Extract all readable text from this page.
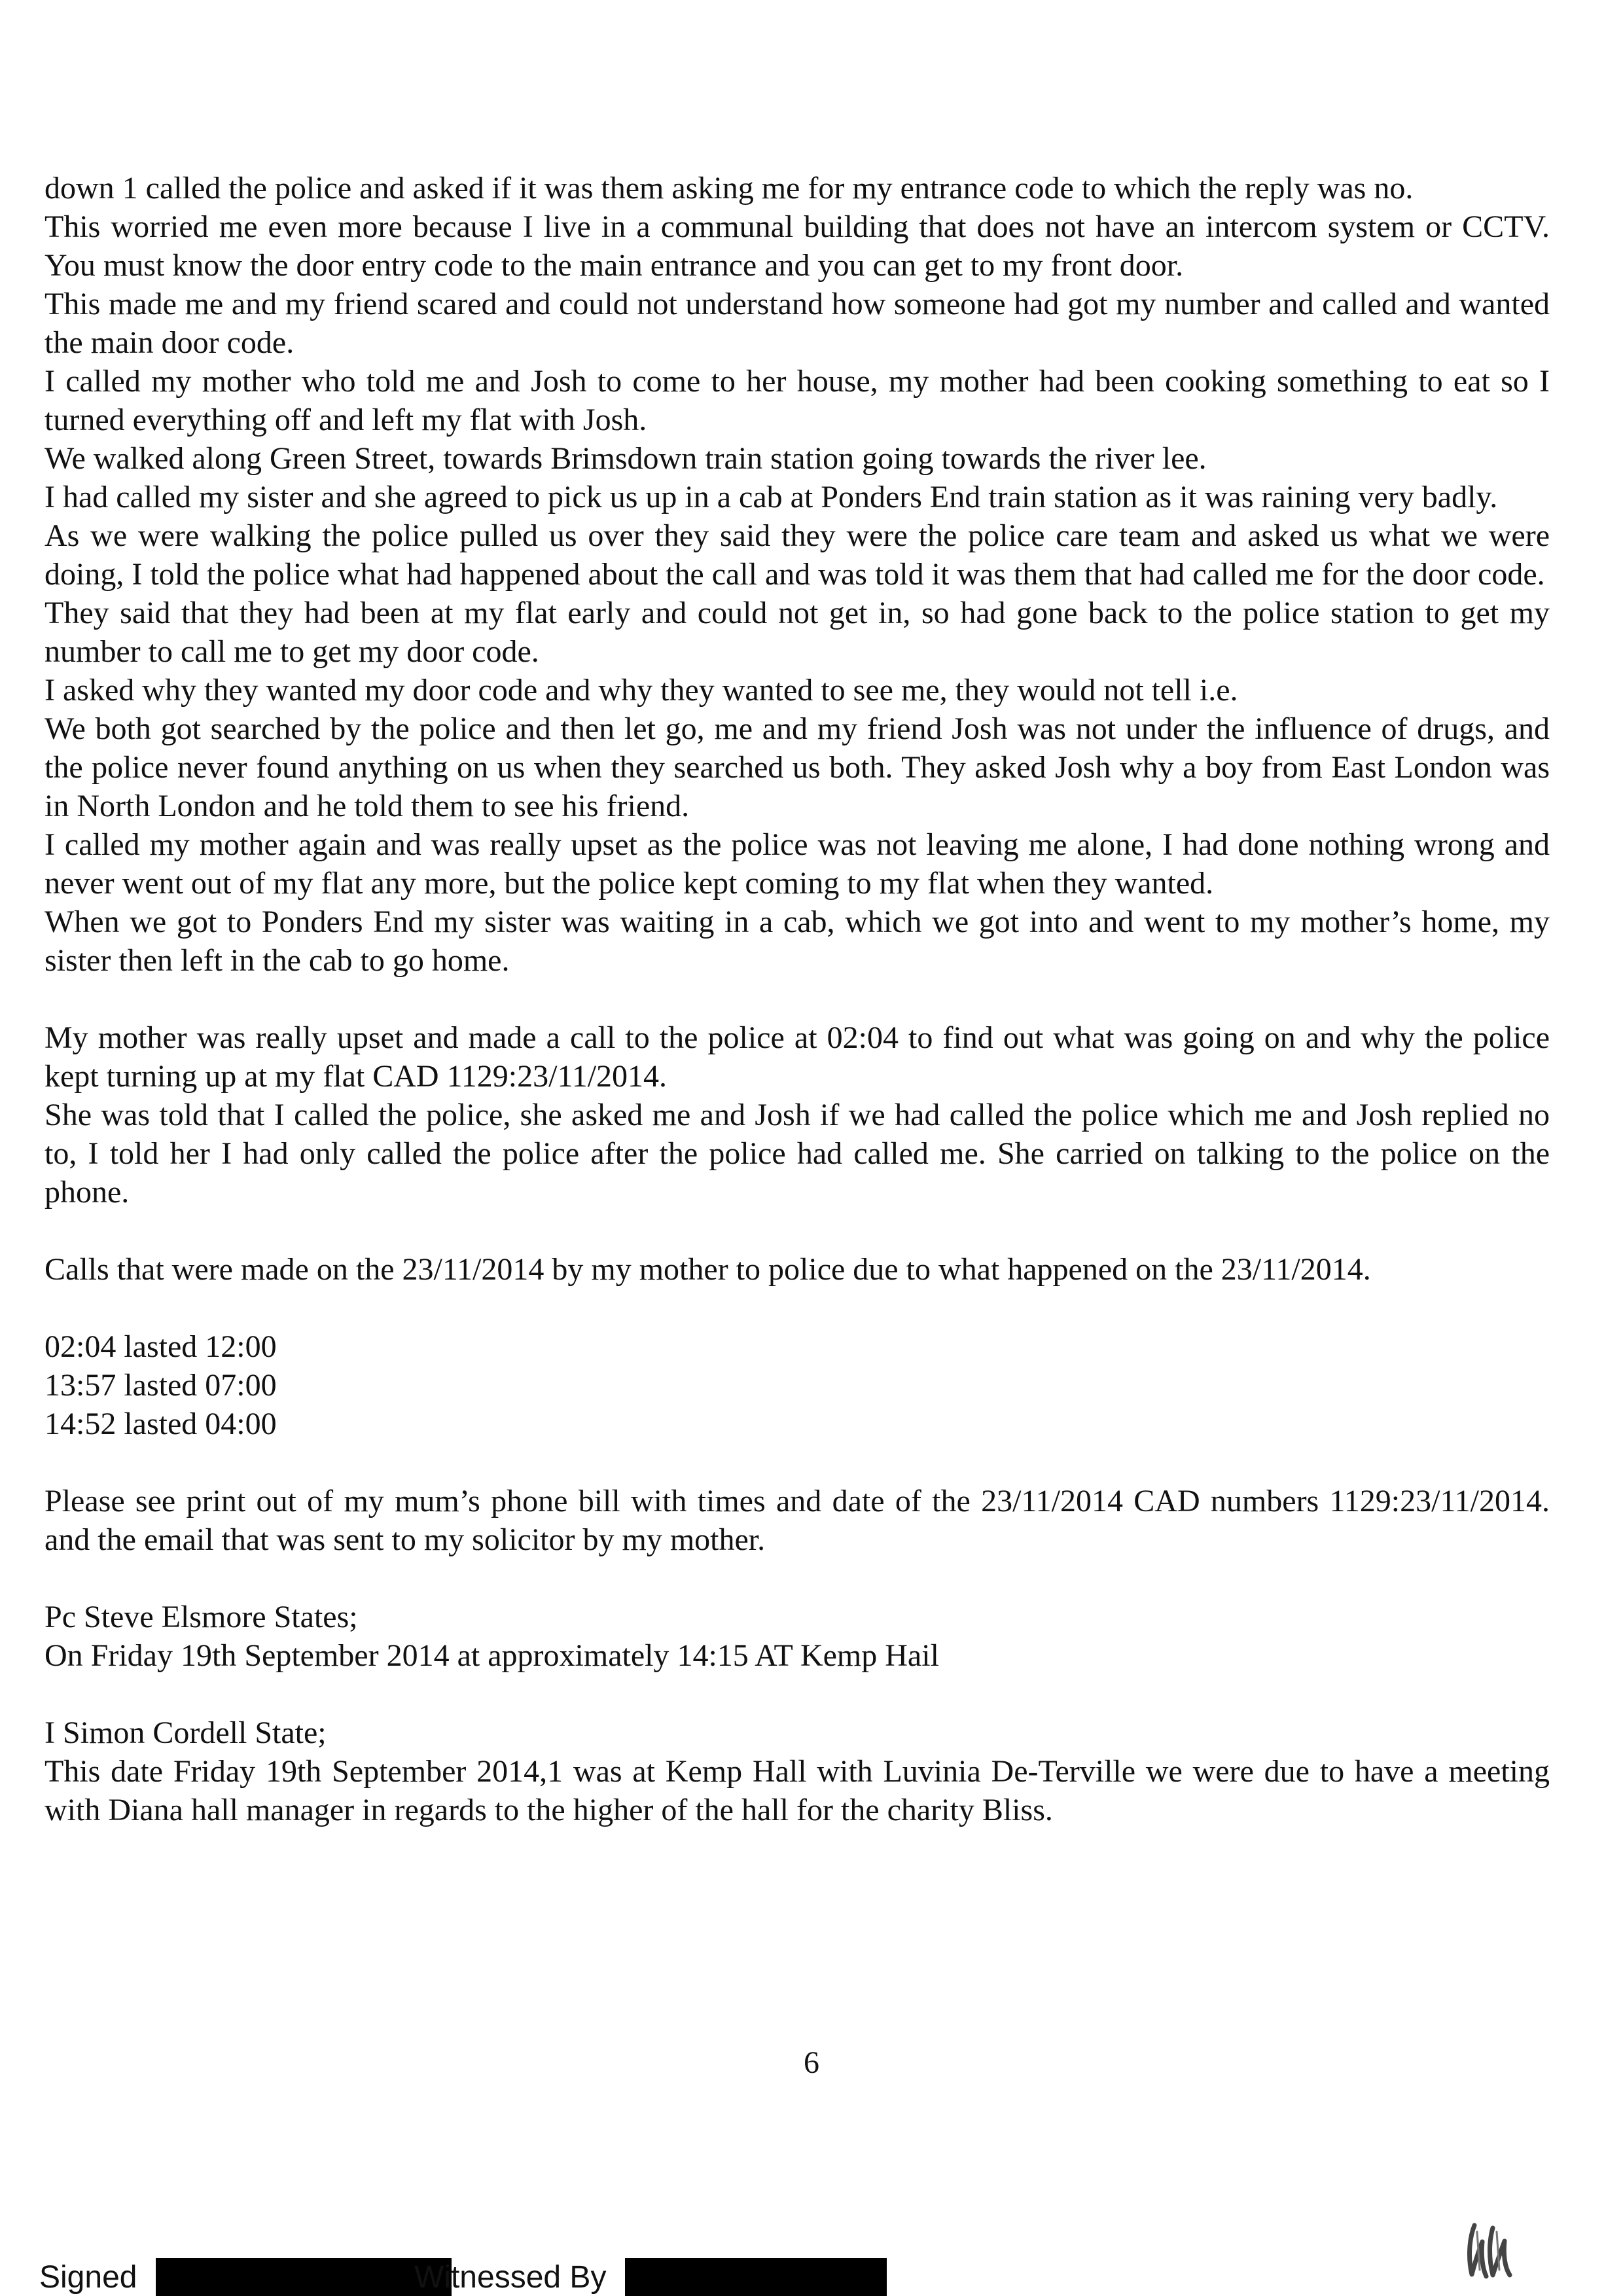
down 1 called the police and asked if it was them asking me for my entrance code to which the reply was no.

This worried me even more because I live in a communal building that does not have an intercom system or CCTV. You must know the door entry code to the main entrance and you can get to my front door.

This made me and my friend scared and could not understand how someone had got my number and called and wanted the main door code.

I called my mother who told me and Josh to come to her house, my mother had been cooking something to eat so I turned everything off and left my flat with Josh.

We walked along Green Street, towards Brimsdown train station going towards the river lee.

I had called my sister and she agreed to pick us up in a cab at Ponders End train station as it was raining very badly.

As we were walking the police pulled us over they said they were the police care team and asked us what we were doing, I told the police what had happened about the call and was told it was them that had called me for the door code.

They said that they had been at my flat early and could not get in, so had gone back to the police station to get my number to call me to get my door code.

I asked why they wanted my door code and why they wanted to see me, they would not tell i.e.

We both got searched by the police and then let go, me and my friend Josh was not under the influence of drugs, and the police never found anything on us when they searched us both. They asked Josh why a boy from East London was in North London and he told them to see his friend.

I called my mother again and was really upset as the police was not leaving me alone, I had done nothing wrong and never went out of my flat any more, but the police kept coming to my flat when they wanted.

When we got to Ponders End my sister was waiting in a cab, which we got into and went to my mother’s home, my sister then left in the cab to go home.

My mother was really upset and made a call to the police at 02:04 to find out what was going on and why the police kept turning up at my flat CAD 1129:23/11/2014.

She was told that I called the police, she asked me and Josh if we had called the police which me and Josh replied no to, I told her I had only called the police after the police had called me. She carried on talking to the police on the phone.

Calls that were made on the 23/11/2014 by my mother to police due to what happened on the 23/11/2014.

02:04 lasted 12:00

13:57 lasted 07:00

14:52 lasted 04:00

Please see print out of my mum’s phone bill with times and date of the 23/11/2014 CAD numbers 1129:23/11/2014. and the email that was sent to my solicitor by my mother.

Pc Steve Elsmore States;

On Friday 19th September 2014 at approximately 14:15 AT Kemp Hail

I Simon Cordell State;

This date Friday 19th September 2014,1 was at Kemp Hall with Luvinia De-Terville we were due to have a meeting with Diana hall manager in regards to the higher of the hall for the charity Bliss.

6
Signed	Witnessed By
